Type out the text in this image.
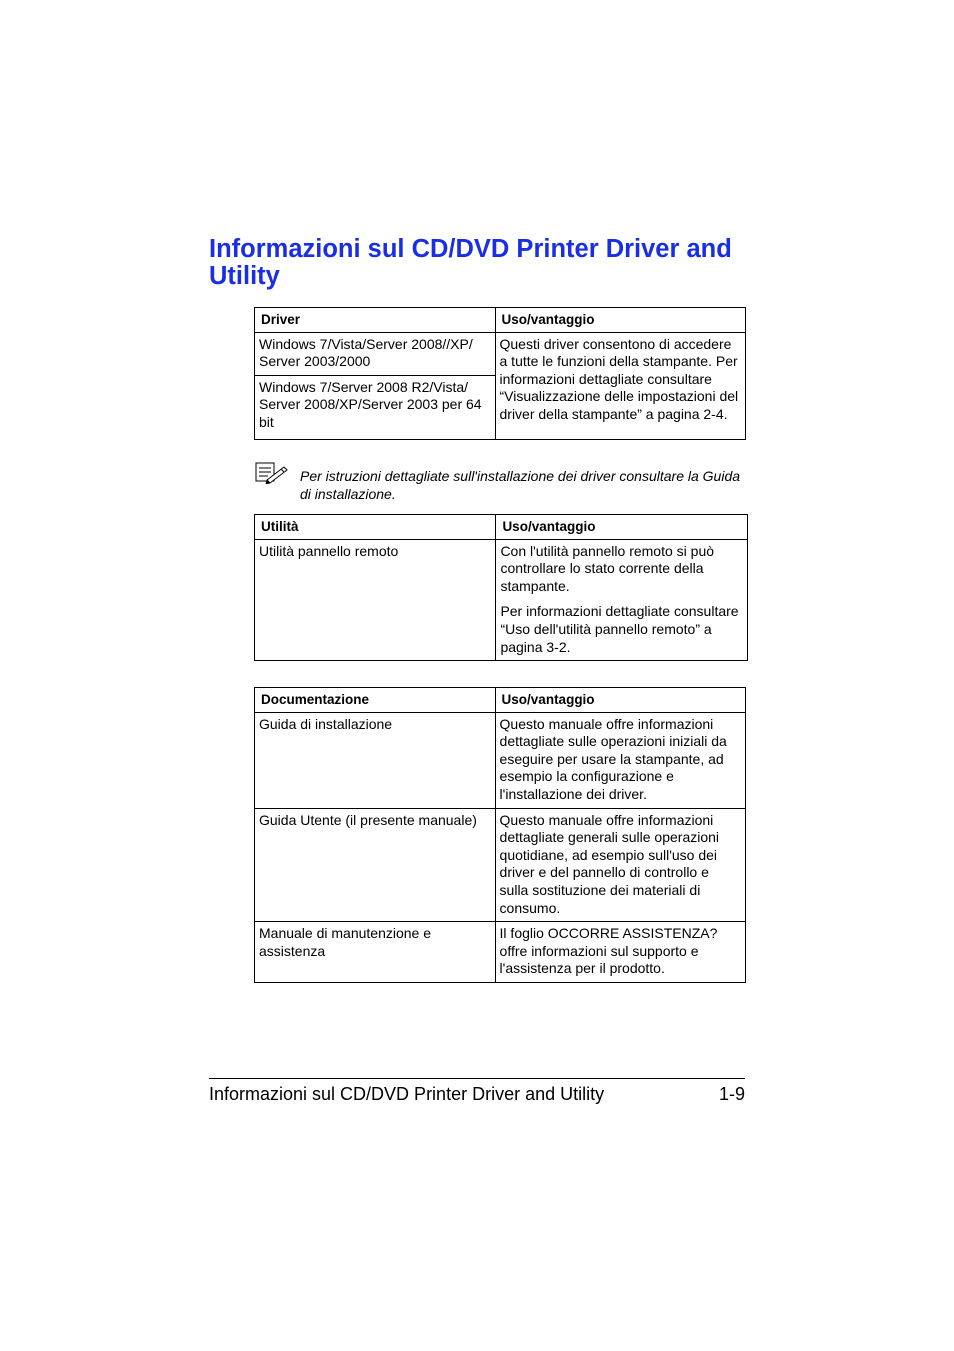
Informazioni sul CD/DVD Printer Driver and Utility
Driver	Uso/vantaggio
Windows 7/Vista/Server 2008//XP/ Server 2003/2000	Questi driver consentono di accedere a tutte le funzioni della stampante. Per informazioni dettagliate consultare “Visualizzazione delle impostazioni del driver della stampante” a pagina 2-4.
Windows 7/Server 2008 R2/Vista/ Server 2008/XP/Server 2003 per 64 bit	
Per istruzioni dettagliate sull'installazione dei driver consultare la Guida di installazione.
Utilità	Uso/vantaggio
Utilità pannello remoto	Con l'utilità pannello remoto si può controllare lo stato corrente della stampante.
Per informazioni dettagliate consultare “Uso dell'utilità pannello remoto” a pagina 3-2.
Documentazione	Uso/vantaggio
Guida di installazione	Questo manuale offre informazioni dettagliate sulle operazioni iniziali da eseguire per usare la stampante, ad esempio la configurazione e l'installazione dei driver.
Guida Utente (il presente manuale)	Questo manuale offre informazioni dettagliate generali sulle operazioni quotidiane, ad esempio sull'uso dei driver e del pannello di controllo e sulla sostituzione dei materiali di consumo.
Manuale di manutenzione e assistenza	Il foglio OCCORRE ASSISTENZA? offre informazioni sul supporto e l'assistenza per il prodotto.
Informazioni sul CD/DVD Printer Driver and Utility	1-9
